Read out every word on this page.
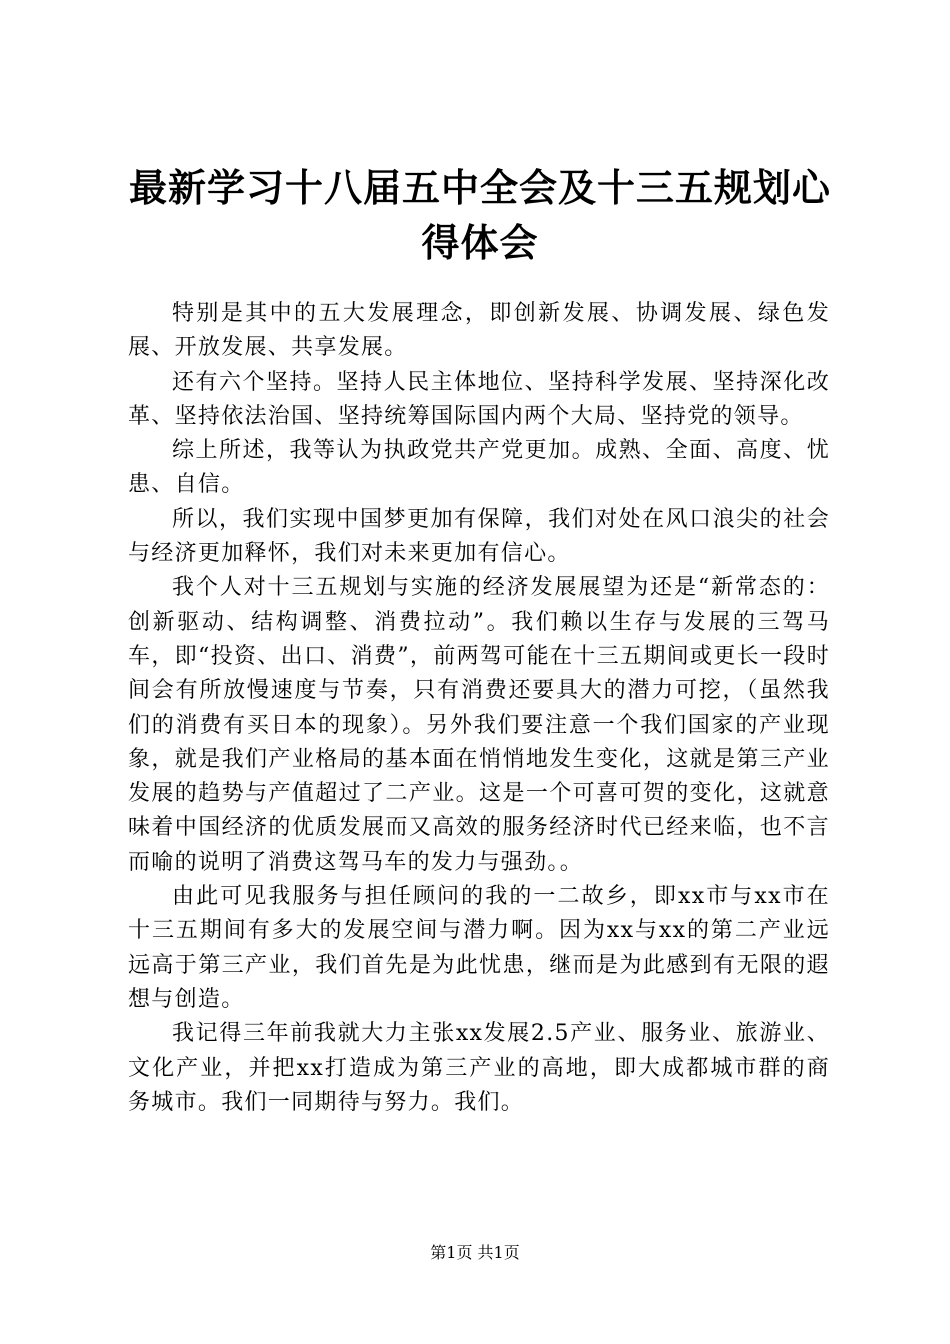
最新学习十八届五中全会及十三五规划心得体会

特别是其中的五大发展理念，即创新发展、协调发展、绿色发展、开放发展、共享发展。

还有六个坚持。坚持人民主体地位、坚持科学发展、坚持深化改革、坚持依法治国、坚持统筹国际国内两个大局、坚持党的领导。

综上所述，我等认为执政党共产党更加。成熟、全面、高度、忧患、自信。

所以，我们实现中国梦更加有保障，我们对处在风口浪尖的社会与经济更加释怀，我们对未来更加有信心。

我个人对十三五规划与实施的经济发展展望为还是“新常态的：创新驱动、结构调整、消费拉动”。我们赖以生存与发展的三驾马车，即“投资、出口、消费”，前两驾可能在十三五期间或更长一段时间会有所放慢速度与节奏，只有消费还要具大的潜力可挖，（虽然我们的消费有买日本的现象）。另外我们要注意一个我们国家的产业现象，就是我们产业格局的基本面在悄悄地发生变化，这就是第三产业发展的趋势与产值超过了二产业。这是一个可喜可贺的变化，这就意味着中国经济的优质发展而又高效的服务经济时代已经来临，也不言而喻的说明了消费这驾马车的发力与强劲。。

由此可见我服务与担任顾问的我的一二故乡，即xx市与xx市在十三五期间有多大的发展空间与潜力啊。因为xx与xx的第二产业远远高于第三产业，我们首先是为此忧患，继而是为此感到有无限的遐想与创造。

我记得三年前我就大力主张xx发展2.5产业、服务业、旅游业、文化产业，并把xx打造成为第三产业的高地，即大成都城市群的商务城市。我们一同期待与努力。我们。

第1页 共1页
